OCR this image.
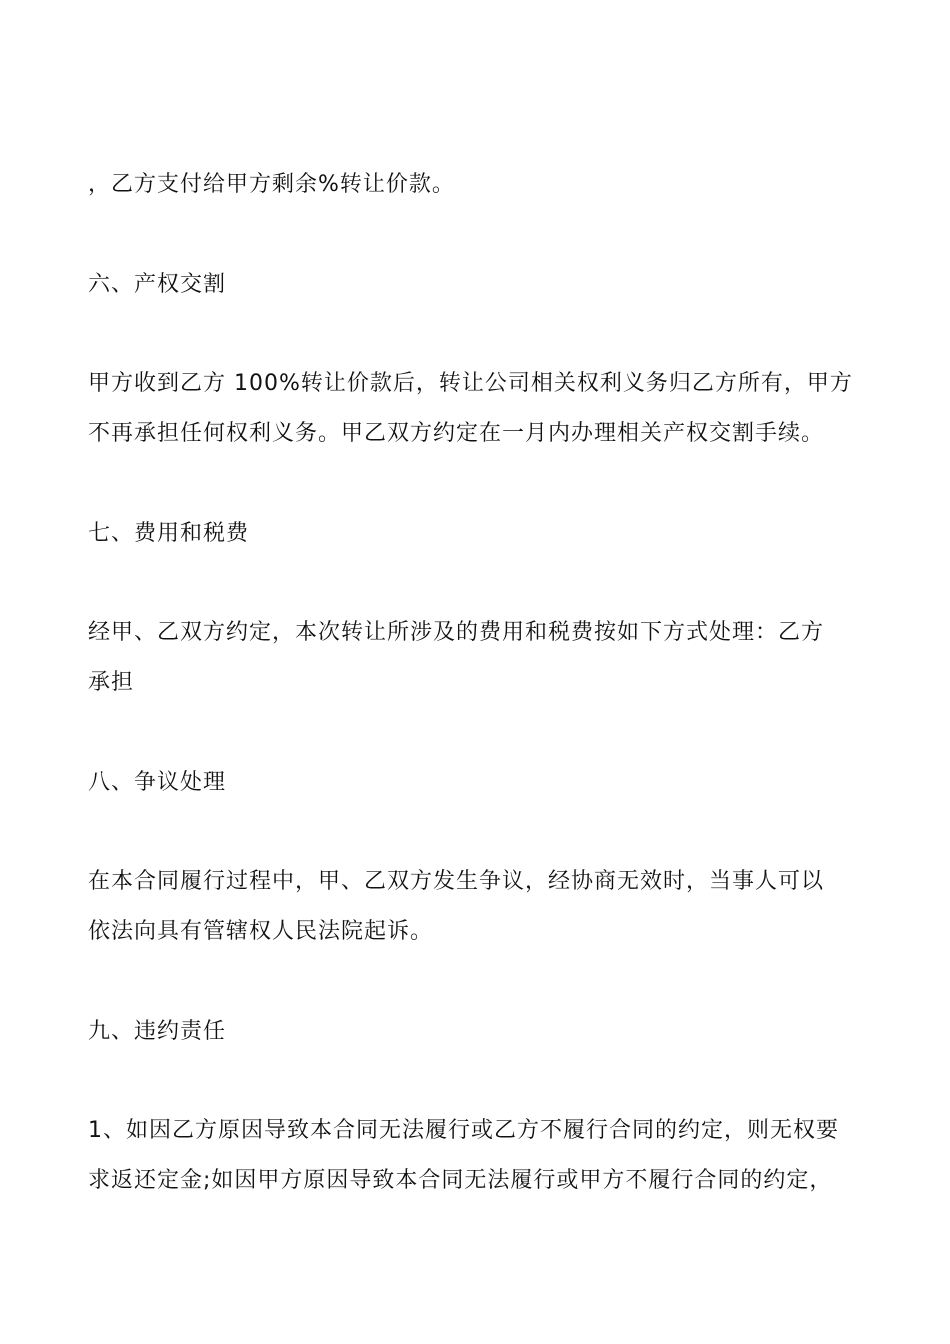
，乙方支付给甲方剩余%转让价款。

六、产权交割

甲方收到乙方 100%转让价款后，转让公司相关权利义务归乙方所有，甲方
不再承担任何权利义务。甲乙双方约定在一月内办理相关产权交割手续。

七、费用和税费

经甲、乙双方约定，本次转让所涉及的费用和税费按如下方式处理：乙方
承担

八、争议处理

在本合同履行过程中，甲、乙双方发生争议，经协商无效时，当事人可以
依法向具有管辖权人民法院起诉。

九、违约责任

1、如因乙方原因导致本合同无法履行或乙方不履行合同的约定，则无权要
求返还定金;如因甲方原因导致本合同无法履行或甲方不履行合同的约定，
